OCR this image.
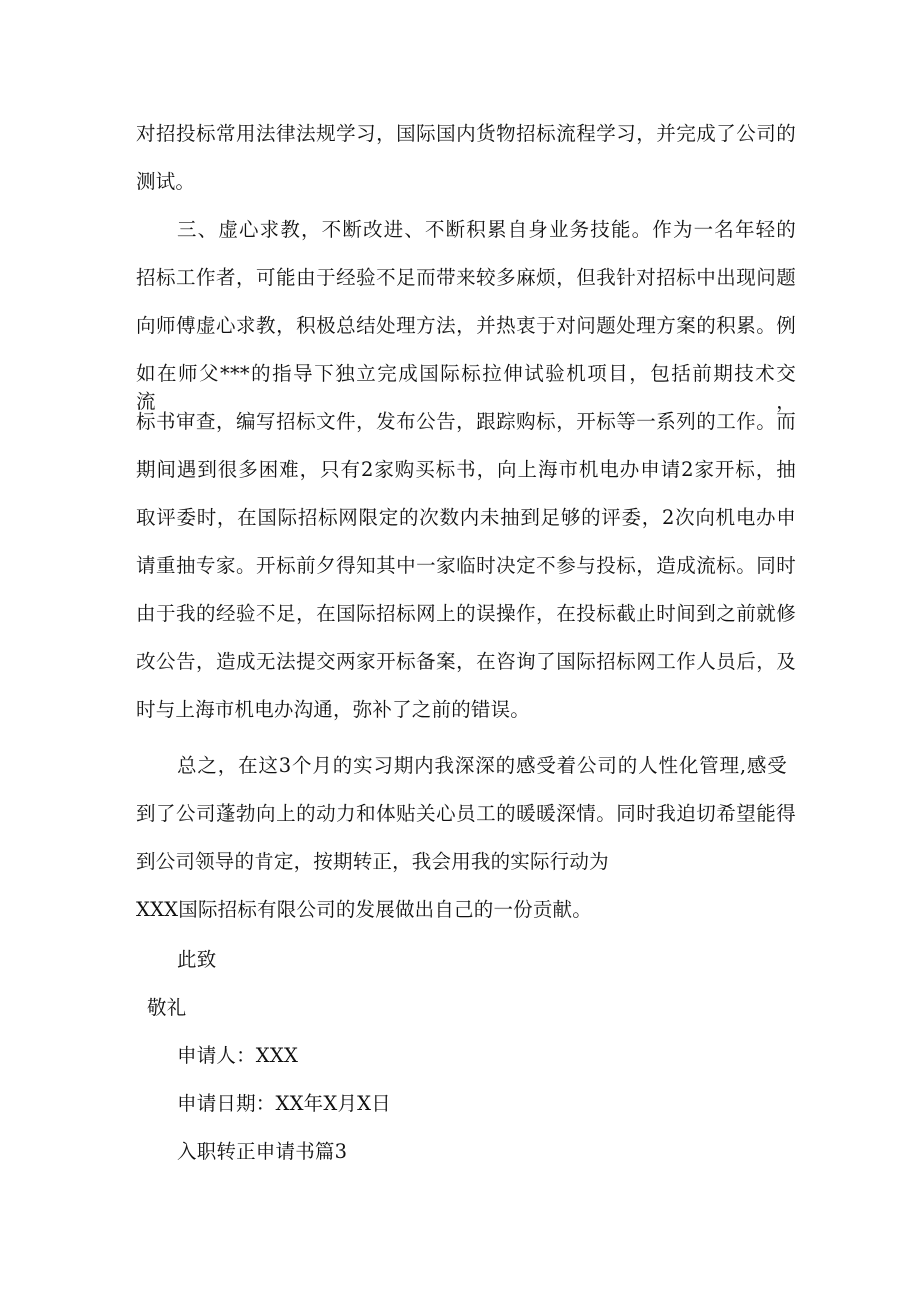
对招投标常用法律法规学习，国际国内货物招标流程学习，并完成了公司的
测试。
三、虚心求教，不断改进、不断积累自身业务技能。作为一名年轻的
招标工作者，可能由于经验不足而带来较多麻烦，但我针对招标中出现问题
向师傅虚心求教，积极总结处理方法，并热衷于对问题处理方案的积累。例
如在师父***的指导下独立完成国际标拉伸试验机项目，包括前期技术交流，
标书审查，编写招标文件，发布公告，跟踪购标，开标等一系列的工作。而
期间遇到很多困难，只有2家购买标书，向上海市机电办申请2家开标，抽
取评委时，在国际招标网限定的次数内未抽到足够的评委，2次向机电办申
请重抽专家。开标前夕得知其中一家临时决定不参与投标，造成流标。同时
由于我的经验不足，在国际招标网上的误操作，在投标截止时间到之前就修
改公告，造成无法提交两家开标备案，在咨询了国际招标网工作人员后，及
时与上海市机电办沟通，弥补了之前的错误。
总之，在这3个月的实习期内我深深的感受着公司的人性化管理,感受
到了公司蓬勃向上的动力和体贴关心员工的暖暖深情。同时我迫切希望能得
到公司领导的肯定，按期转正，我会用我的实际行动为
XXX国际招标有限公司的发展做出自己的一份贡献。
此致
敬礼
申请人：XXX
申请日期：XX年X月X日
入职转正申请书篇3
